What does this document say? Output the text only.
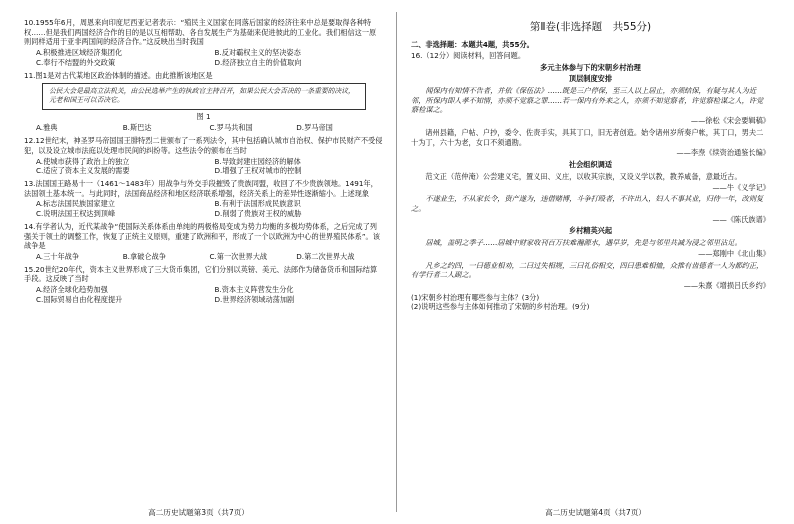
10.1955年6月，周恩来向印度尼西亚记者表示：“殖民主义国家在同落后国家的经济往来中总是要取得各种特权……但是我们两国经济合作的目的是以互相帮助、各自发展生产为基础来促进彼此的工业化。我们相信这一原则同样适用于亚非两国间的经济合作。”这反映出当时我国

A.积极推进区域经济集团化	B.反对霸权主义的坚决姿态
C.奉行不结盟的外交政策	D.经济独立自主的价值取向

11.图1是对古代某地区政治体制的描述。由此推断该地区是

公民大会是最高立法机关，由公民选举产生的执政官主持召开，如果公民大会否决的一条重要的决议，元老和国王可以否决它。
图 1
A.雅典	B.斯巴达	C.罗马共和国	D.罗马帝国

12.12世纪末，神圣罗马帝国国王腓特烈二世颁布了一系列法令，其中包括确认城市自治权、保护市民财产不受侵犯，以及设立城市法庭以处理市民间的纠纷等。这些法令的颁布在当时

A.使城市获得了政治上的独立	B.导致封建庄园经济的解体
C.适应了资本主义发展的需要	D.增强了王权对城市的控制

13.法国国王路易十一（1461～1483年）用战争与外交手段摧毁了贵族同盟，收回了不少贵族领地。1491年，法国领土基本统一。与此同时，法国商品经济和地区经济联系增强，经济关系上的差异性逐渐缩小。上述现象

A.标志法国民族国家建立	B.有利于法国形成民族意识
C.说明法国王权达到顶峰	D.削弱了贵族对王权的威胁

14.有学者认为，近代某战争“使国际关系体系由单纯的两极格局变成为势力均衡的多极均势体系，之后完成了列强关于领土的调整工作，恢复了正统主义原则，重建了欧洲和平，形成了一个以欧洲为中心的世界殖民体系”。该战争是

A.三十年战争	B.拿破仑战争	C.第一次世界大战	D.第二次世界大战

15.20世纪20年代，资本主义世界形成了三大货币集团，它们分别以英镑、美元、法郎作为储备货币和国际结算手段。这反映了当时

A.经济全球化趋势加强	B.资本主义阵营发生分化
C.国际贸易自由化程度提升	D.世界经济领域动荡加剧
高二历史试题第3页（共7页）
第Ⅱ卷(非选择题　共55分)
二、非选择题：本题共4题，共55分。
16.（12分）阅读材料，回答问题。
多元主体参与下的宋朝乡村治理
顶层制度安排

闻保内有知情不告者，并依《保伍法》……既是三户停保，至三人以上居止，亦须结保，有疑与其人为近邻，所保内即人孝不知情，亦须不觉察之罪……若一保内有外来之人，亦须不知觉察者，许觉察检谋之人，许觉察检谋之。

——徐松《宋会要辑稿》

诸州县籍，户帖、户抄，委令、佐责手实，具其丁口，旧无者创造。始令诸州岁所奏户帐，其丁口，男夫二十为丁，六十为老，女口不须通勘。

——李焘《续资治通鉴长编》

社会组织调适

范文正（范仲淹）公尝建义宅，置义田、义庄，以收其宗族，又设义学以教，教养咸备，意最近古。

——牛《义学记》

不遂业生，不从家长令，资产遂为，违借赌博，斗争打殴者，不许出入，妇人不事其业，归侍一年，改则复之。

——《陈氏族谱》

乡村精英兴起

居城，盖明之季子……居城中财家收刊百万扶难瀚源水，遇早岁，先是与邻里共减为浸之邻里沾足。

——郑刚中《北山集》

凡乡之约四，一曰德业相劝，二曰过失相规，三曰礼俗相交，四曰患难相恤，众推有齿德者一人为都约正，有学行者二人副之。

——朱熹《增损吕氏乡约》

(1)宋朝乡村治理有哪些参与主体？(3分)

(2)说明这些参与主体如何推动了宋朝的乡村治理。(9分)

高二历史试题第4页（共7页）
